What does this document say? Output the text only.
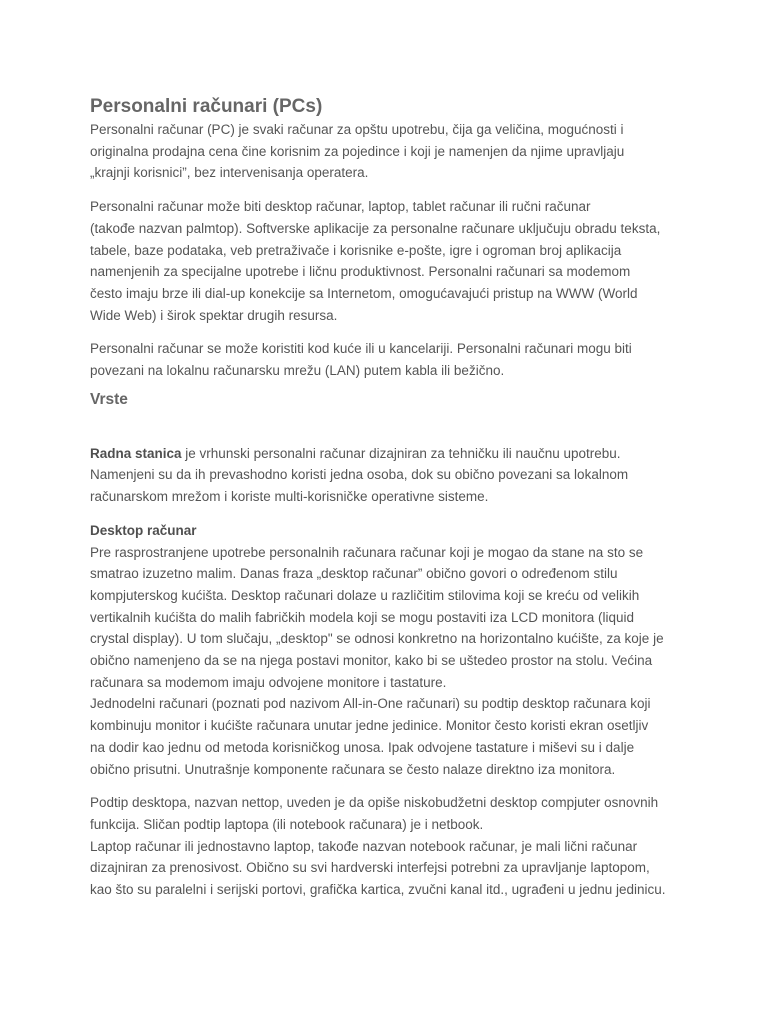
Personalni računari (PCs)

Personalni računar (PC) je svaki računar za opštu upotrebu, čija ga veličina, mogućnosti i
originalna prodajna cena čine korisnim za pojedince i koji je namenjen da njime upravljaju
„krajnji korisnici”, bez intervenisanja operatera.

Personalni računar može biti desktop računar, laptop, tablet računar ili ručni računar
(takođe nazvan palmtop). Softverske aplikacije za personalne računare uključuju obradu teksta,
tabele, baze podataka, veb pretraživače i korisnike e-pošte, igre i ogroman broj aplikacija
namenjenih za specijalne upotrebe i ličnu produktivnost. Personalni računari sa modemom
često imaju brze ili dial-up konekcije sa Internetom, omogućavajući pristup na WWW (World
Wide Web) i širok spektar drugih resursa.

Personalni računar se može koristiti kod kuće ili u kancelariji. Personalni računari mogu biti
povezani na lokalnu računarsku mrežu (LAN) putem kabla ili bežično.

Vrste

Radna stanica je vrhunski personalni računar dizajniran za tehničku ili naučnu upotrebu.
Namenjeni su da ih prevashodno koristi jedna osoba, dok su obično povezani sa lokalnom
računarskom mrežom i koriste multi-korisničke operativne sisteme.

Desktop računar
Pre rasprostranjene upotrebe personalnih računara računar koji je mogao da stane na sto se
smatrao izuzetno malim. Danas fraza „desktop računar” obično govori o određenom stilu
kompjuterskog kućišta. Desktop računari dolaze u različitim stilovima koji se kreću od velikih
vertikalnih kućišta do malih fabričkih modela koji se mogu postaviti iza LCD monitora (liquid
crystal display). U tom slučaju, „desktop" se odnosi konkretno na horizontalno kućište, za koje je
obično namenjeno da se na njega postavi monitor, kako bi se uštedeo prostor na stolu. Većina
računara sa modemom imaju odvojene monitore i tastature.
Jednodelni računari (poznati pod nazivom All-in-One računari) su podtip desktop računara koji
kombinuju monitor i kućište računara unutar jedne jedinice. Monitor često koristi ekran osetljiv
na dodir kao jednu od metoda korisničkog unosa. Ipak odvojene tastature i miševi su i dalje
obično prisutni. Unutrašnje komponente računara se često nalaze direktno iza monitora.

Podtip desktopa, nazvan nettop, uveden je da opiše niskobudžetni desktop compjuter osnovnih
funkcija. Sličan podtip laptopa (ili notebook računara) je i netbook.
Laptop računar ili jednostavno laptop, takođe nazvan notebook računar, je mali lični računar
dizajniran za prenosivost. Obično su svi hardverski interfejsi potrebni za upravljanje laptopom,
kao što su paralelni i serijski portovi, grafička kartica, zvučni kanal itd., ugrađeni u jednu jedinicu.
